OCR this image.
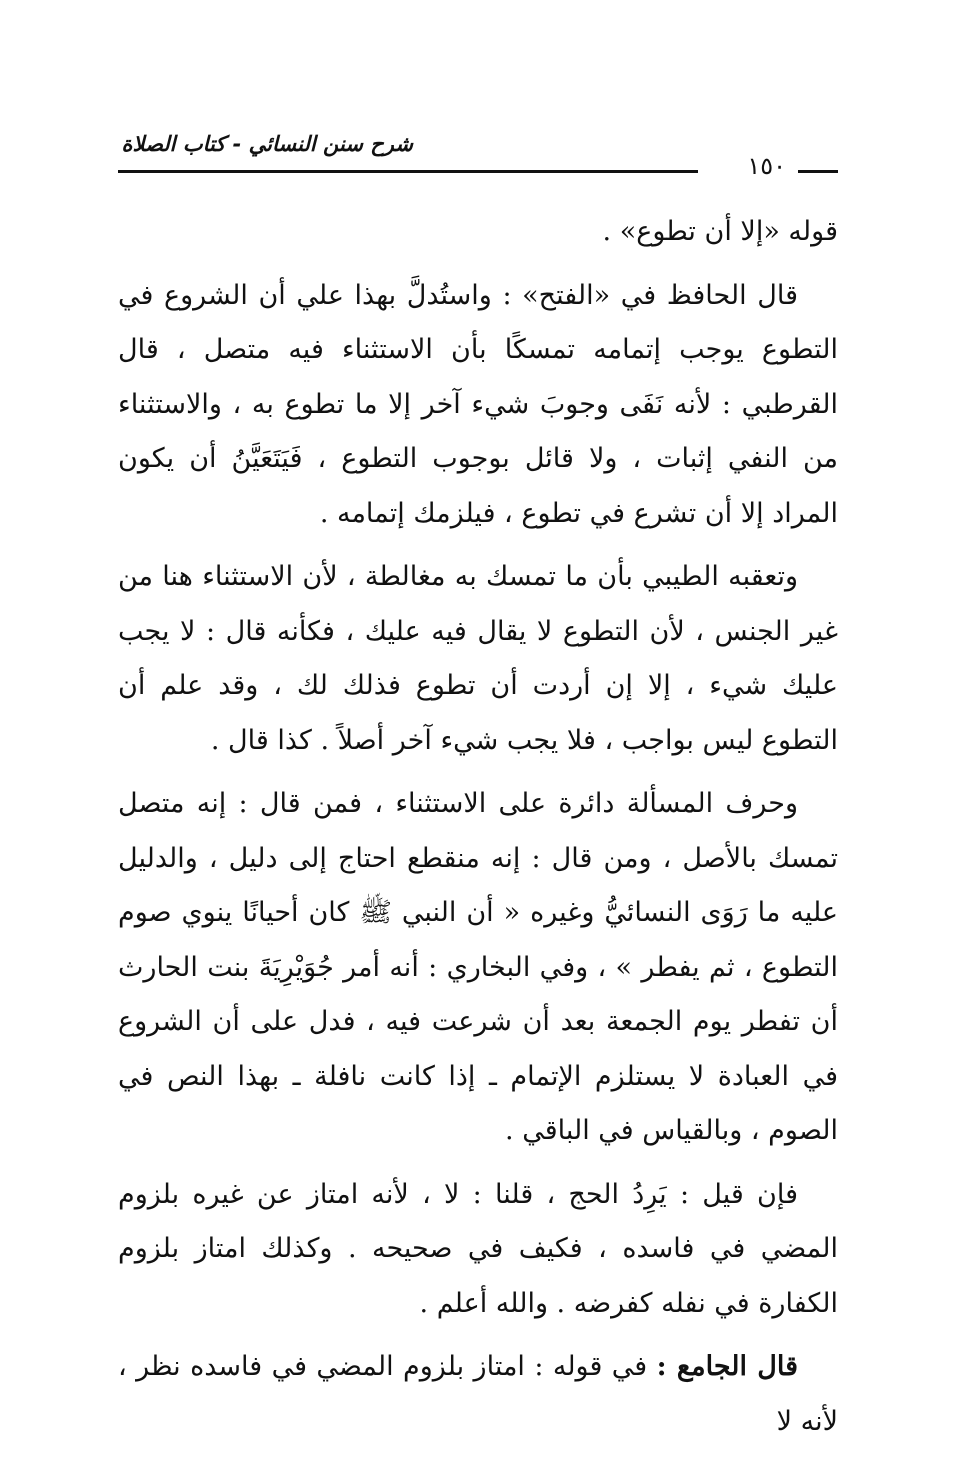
شرح سنن النسائي - كتاب الصلاة
١٥٠

قوله «إلا أن تطوع» .

قال الحافظ في «الفتح» : واستُدلَّ بهذا علي أن الشروع في التطوع يوجب إتمامه تمسكًا بأن الاستثناء فيه متصل ، قال القرطبي : لأنه نَفَى وجوبَ شيء آخر إلا ما تطوع به ، والاستثناء من النفي إثبات ، ولا قائل بوجوب التطوع ، فَيَتَعَيَّنُ أن يكون المراد إلا أن تشرع في تطوع ، فيلزمك إتمامه .

وتعقبه الطيبي بأن ما تمسك به مغالطة ، لأن الاستثناء هنا من غير الجنس ، لأن التطوع لا يقال فيه عليك ، فكأنه قال : لا يجب عليك شيء ، إلا إن أردت أن تطوع فذلك لك ، وقد علم أن التطوع ليس بواجب ، فلا يجب شيء آخر أصلاً . كذا قال .

وحرف المسألة دائرة على الاستثناء ، فمن قال : إنه متصل تمسك بالأصل ، ومن قال : إنه منقطع احتاج إلى دليل ، والدليل عليه ما رَوَى النسائيُّ وغيره « أن النبي ﷺ كان أحيانًا ينوي صوم التطوع ، ثم يفطر » ، وفي البخاري : أنه أمر جُوَيْرِيَةَ بنت الحارث أن تفطر يوم الجمعة بعد أن شرعت فيه ، فدل على أن الشروع في العبادة لا يستلزم الإتمام ـ إذا كانت نافلة ـ بهذا النص في الصوم ، وبالقياس في الباقي .

فإن قيل : يَرِدُ الحج ، قلنا : لا ، لأنه امتاز عن غيره بلزوم المضي في فاسده ، فكيف في صحيحه . وكذلك امتاز بلزوم الكفارة في نفله كفرضه . والله أعلم .

قال الجامع : في قوله : امتاز بلزوم المضي في فاسده نظر ، لأنه لا
